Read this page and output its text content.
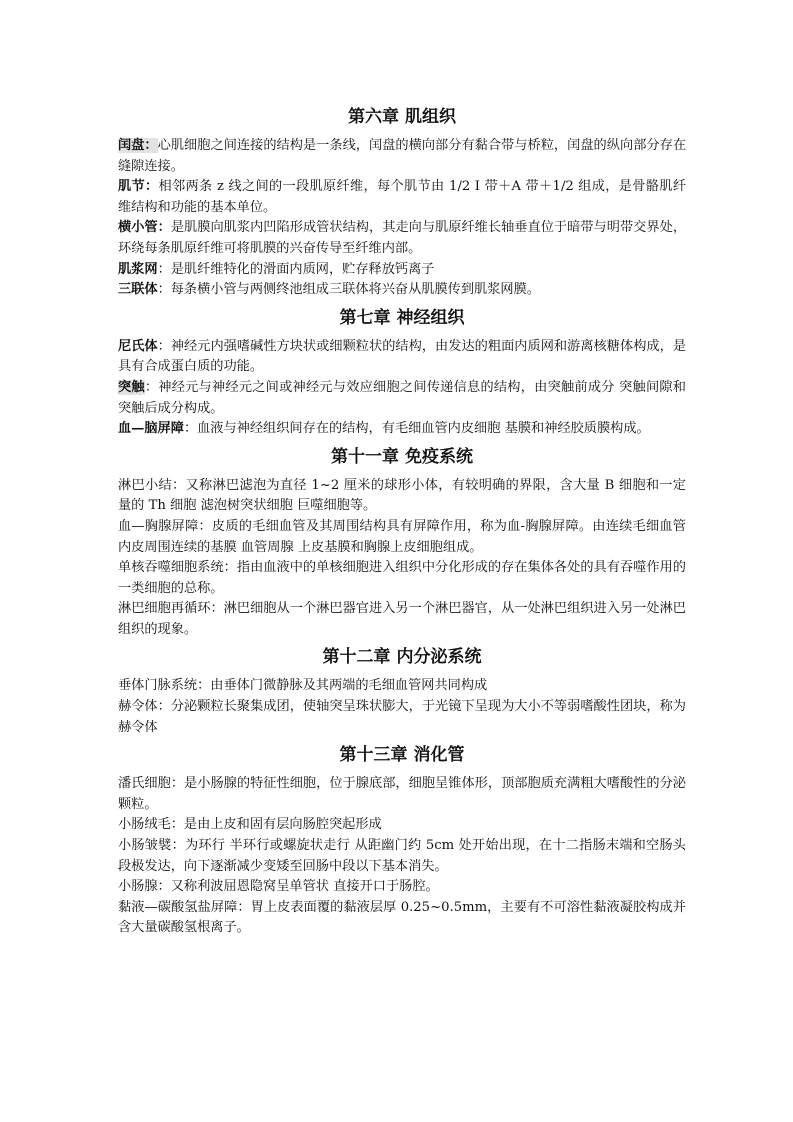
第六章 肌组织

闰盘：心肌细胞之间连接的结构是一条线，闰盘的横向部分有黏合带与桥粒，闰盘的纵向部分存在缝隙连接。

肌节：相邻两条 z 线之间的一段肌原纤维，每个肌节由 1/2 I 带＋A 带＋1/2 组成，是骨骼肌纤维结构和功能的基本单位。

横小管：是肌膜向肌浆内凹陷形成管状结构，其走向与肌原纤维长轴垂直位于暗带与明带交界处，环绕每条肌原纤维可将肌膜的兴奋传导至纤维内部。

肌浆网：是肌纤维特化的滑面内质网，贮存释放钙离子

三联体：每条横小管与两侧终池组成三联体将兴奋从肌膜传到肌浆网膜。

第七章 神经组织

尼氏体：神经元内强嗜碱性方块状或细颗粒状的结构，由发达的粗面内质网和游离核糖体构成，是具有合成蛋白质的功能。

突触：神经元与神经元之间或神经元与效应细胞之间传递信息的结构，由突触前成分 突触间隙和突触后成分构成。

血—脑屏障：血液与神经组织间存在的结构，有毛细血管内皮细胞 基膜和神经胶质膜构成。

第十一章 免疫系统

淋巴小结：又称淋巴滤泡为直径 1~2 厘米的球形小体，有较明确的界限，含大量 B 细胞和一定量的 Th 细胞 滤泡树突状细胞 巨噬细胞等。

血—胸腺屏障：皮质的毛细血管及其周围结构具有屏障作用，称为血-胸腺屏障。由连续毛细血管 内皮周围连续的基膜 血管周腺 上皮基膜和胸腺上皮细胞组成。

单核吞噬细胞系统：指由血液中的单核细胞进入组织中分化形成的存在集体各处的具有吞噬作用的一类细胞的总称。

淋巴细胞再循环：淋巴细胞从一个淋巴器官进入另一个淋巴器官，从一处淋巴组织进入另一处淋巴组织的现象。

第十二章 内分泌系统

垂体门脉系统：由垂体门微静脉及其两端的毛细血管网共同构成

赫令体：分泌颗粒长聚集成团，使轴突呈珠状膨大，于光镜下呈现为大小不等弱嗜酸性团块，称为赫令体

第十三章 消化管

潘氏细胞：是小肠腺的特征性细胞，位于腺底部，细胞呈锥体形，顶部胞质充满粗大嗜酸性的分泌颗粒。

小肠绒毛：是由上皮和固有层向肠腔突起形成

小肠皱襞：为环行 半环行或螺旋状走行 从距幽门约 5cm 处开始出现，在十二指肠末端和空肠头段极发达，向下逐渐减少变矮至回肠中段以下基本消失。

小肠腺：又称利波屈恩隐窝呈单管状 直接开口于肠腔。

黏液—碳酸氢盐屏障：胃上皮表面覆的黏液层厚 0.25~0.5mm，主要有不可溶性黏液凝胶构成并含大量碳酸氢根离子。
